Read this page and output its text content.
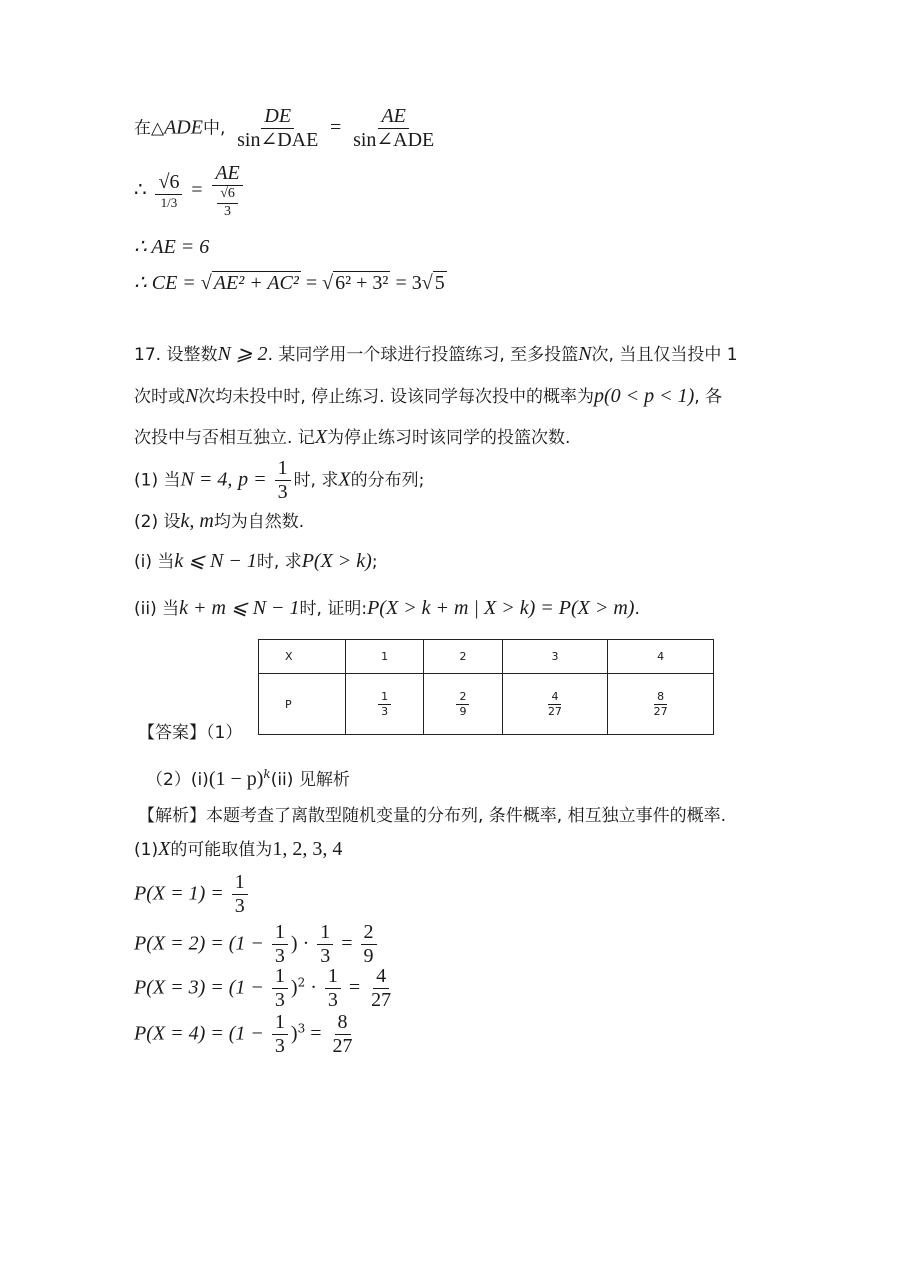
在△ADE中, $\frac{DE}{\text{sin∠DAE}} = \frac{AE}{\text{sin∠ADE}}$
∴ $\frac{√6}{1/3} = \frac{AE}{\frac{√6}{3}}$
∴ AE = 6
∴ CE = √ AE² + AC² = √ 6² + 3² = 3√ 5
17. 设整数N ⩾ 2. 某同学用一个球进行投篮练习, 至多投篮N次, 当且仅当投中 1
次时或N次均未投中时, 停止练习. 设该同学每次投中的概率为p(0 < p < 1), 各
次投中与否相互独立. 记X为停止练习时该同学的投篮次数.
(1) 当N = 4, $p = \frac{1}{3}$ 时, 求X的分布列;
(2) 设k, m均为自然数.
(i) 当k ⩽ N − 1时, 求P(X > k);
(ii) 当k + m ⩽ N − 1时, 证明:P(X > k + m | X > k) = P(X > m).
X	1	2	3	4
P	$\frac{1}{3}$	$\frac{2}{9}$	$\frac{4}{27}$	$\frac{8}{27}$
【答案】（1）
$(2)(i)(1 - p)^k(ii)$ 见解析
【解析】本题考查了离散型随机变量的分布列, 条件概率, 相互独立事件的概率.
(1)X的可能取值为1, 2, 3, 4
$P(X = 1) = \frac{1}{3}$
$P(X = 2) = (1 - \frac{1}{3}$ ) · $\frac{1}{3} = \frac{2}{9}$
$P(X = 3) = (1 - \frac{1}{3} )^2 \cdot \frac{1}{3} = \frac{4}{27}$
$P(X = 4) = (1 - \frac{1}{3} )^3 = \frac{8}{27}$
